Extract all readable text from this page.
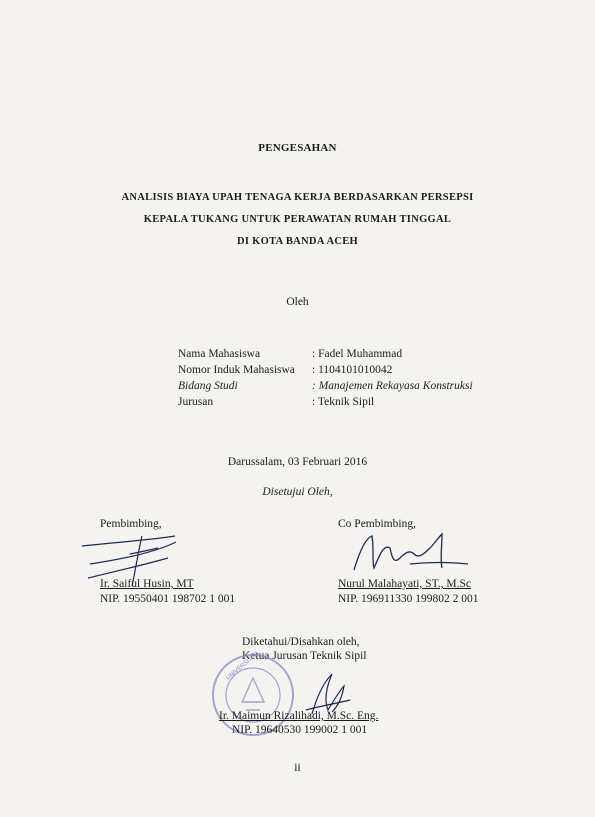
PENGESAHAN
ANALISIS BIAYA UPAH TENAGA KERJA BERDASARKAN PERSEPSI
KEPALA TUKANG UNTUK PERAWATAN RUMAH TINGGAL
DI KOTA BANDA ACEH
Oleh
Nama Mahasiswa	: Fadel Muhammad
Nomor Induk Mahasiswa : 1104101010042
Bidang Studi	: Manajemen Rekayasa Konstruksi
Jurusan	: Teknik Sipil
Darussalam, 03 Februari 2016
Disetujui Oleh,
Pembimbing,
Ir. Saiful Husin, MT
NIP. 19550401 198702 1 001
Co Pembimbing,
Nurul Malahayati, ST., M.Sc
NIP. 196911330 199802 2 001
Diketahui/Disahkan oleh,
Ketua Jurusan Teknik Sipil
UNIVERSITAS
Ir. Maimun Rizalihadi, M.Sc. Eng.
NIP. 19640530 199002 1 001
ii
